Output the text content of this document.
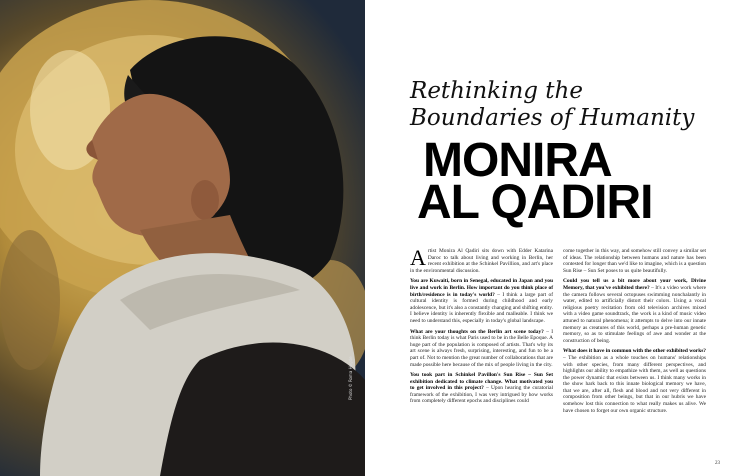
Photo © Roma Hegde
Rethinking the
Boundaries of Humanity
MONIRA
AL QADIRI

Artist Monira Al Qadiri sits down with Edder Katarina Daroc to talk about living and working in Berlin, her recent exhibition at the Schinkel Pavillion, and art's place in the environmental discussion.

You are Kuwaiti, born in Senegal, educated in Japan and you live and work in Berlin. How important do you think place of birth/residence is in today's world? – I think a large part of cultural identity is formed during childhood and early adolescence, but it's also a constantly changing and shifting entity. I believe identity is inherently flexible and malleable. I think we need to understand this, especially in today's global landscape.

What are your thoughts on the Berlin art scene today? – I think Berlin today is what Paris used to be in the Belle Epoque. A huge part of the population is composed of artists. That's why its art scene is always fresh, surprising, interesting, and fun to be a part of. Not to mention the great number of collaborations that are made possible here because of the mix of people living in the city.

You took part in Schinkel Pavillon's Sun Rise – Sun Set exhibition dedicated to climate change. What motivated you to get involved in this project? – Upon hearing the curatorial framework of the exhibition, I was very intrigued by how works from completely different epochs and disciplines could

come together in this way, and somehow still convey a similar set of ideas. The relationship between humans and nature has been contested for longer than we'd like to imagine, which is a question Sun Rise – Sun Set poses to us quite beautifully.

Could you tell us a bit more about your work, Divine Memory, that you've exhibited there? – It's a video work where the camera follows several octopuses swimming nonchalantly in water, edited to artificially distort their colors. Using a vocal religious poetry recitation from old television archives mixed with a video game soundtrack, the work is a kind of music video attuned to natural phenomena; it attempts to delve into our innate memory as creatures of this world, perhaps a pre-human genetic memory, so as to stimulate feelings of awe and wonder at the construction of being.

What does it have in common with the other exhibited works? – The exhibition as a whole touches on humans' relationships with other species, from many different perspectives, and highlights our ability to empathize with them, as well as questions the power dynamic that exists between us. I think many works in the show hark back to this innate biological memory we have, that we are, after all, flesh and blood and not very different in composition from other beings, but that in our hubris we have somehow lost this connection to what really makes us alive. We have chosen to forget our own organic structure.

23
